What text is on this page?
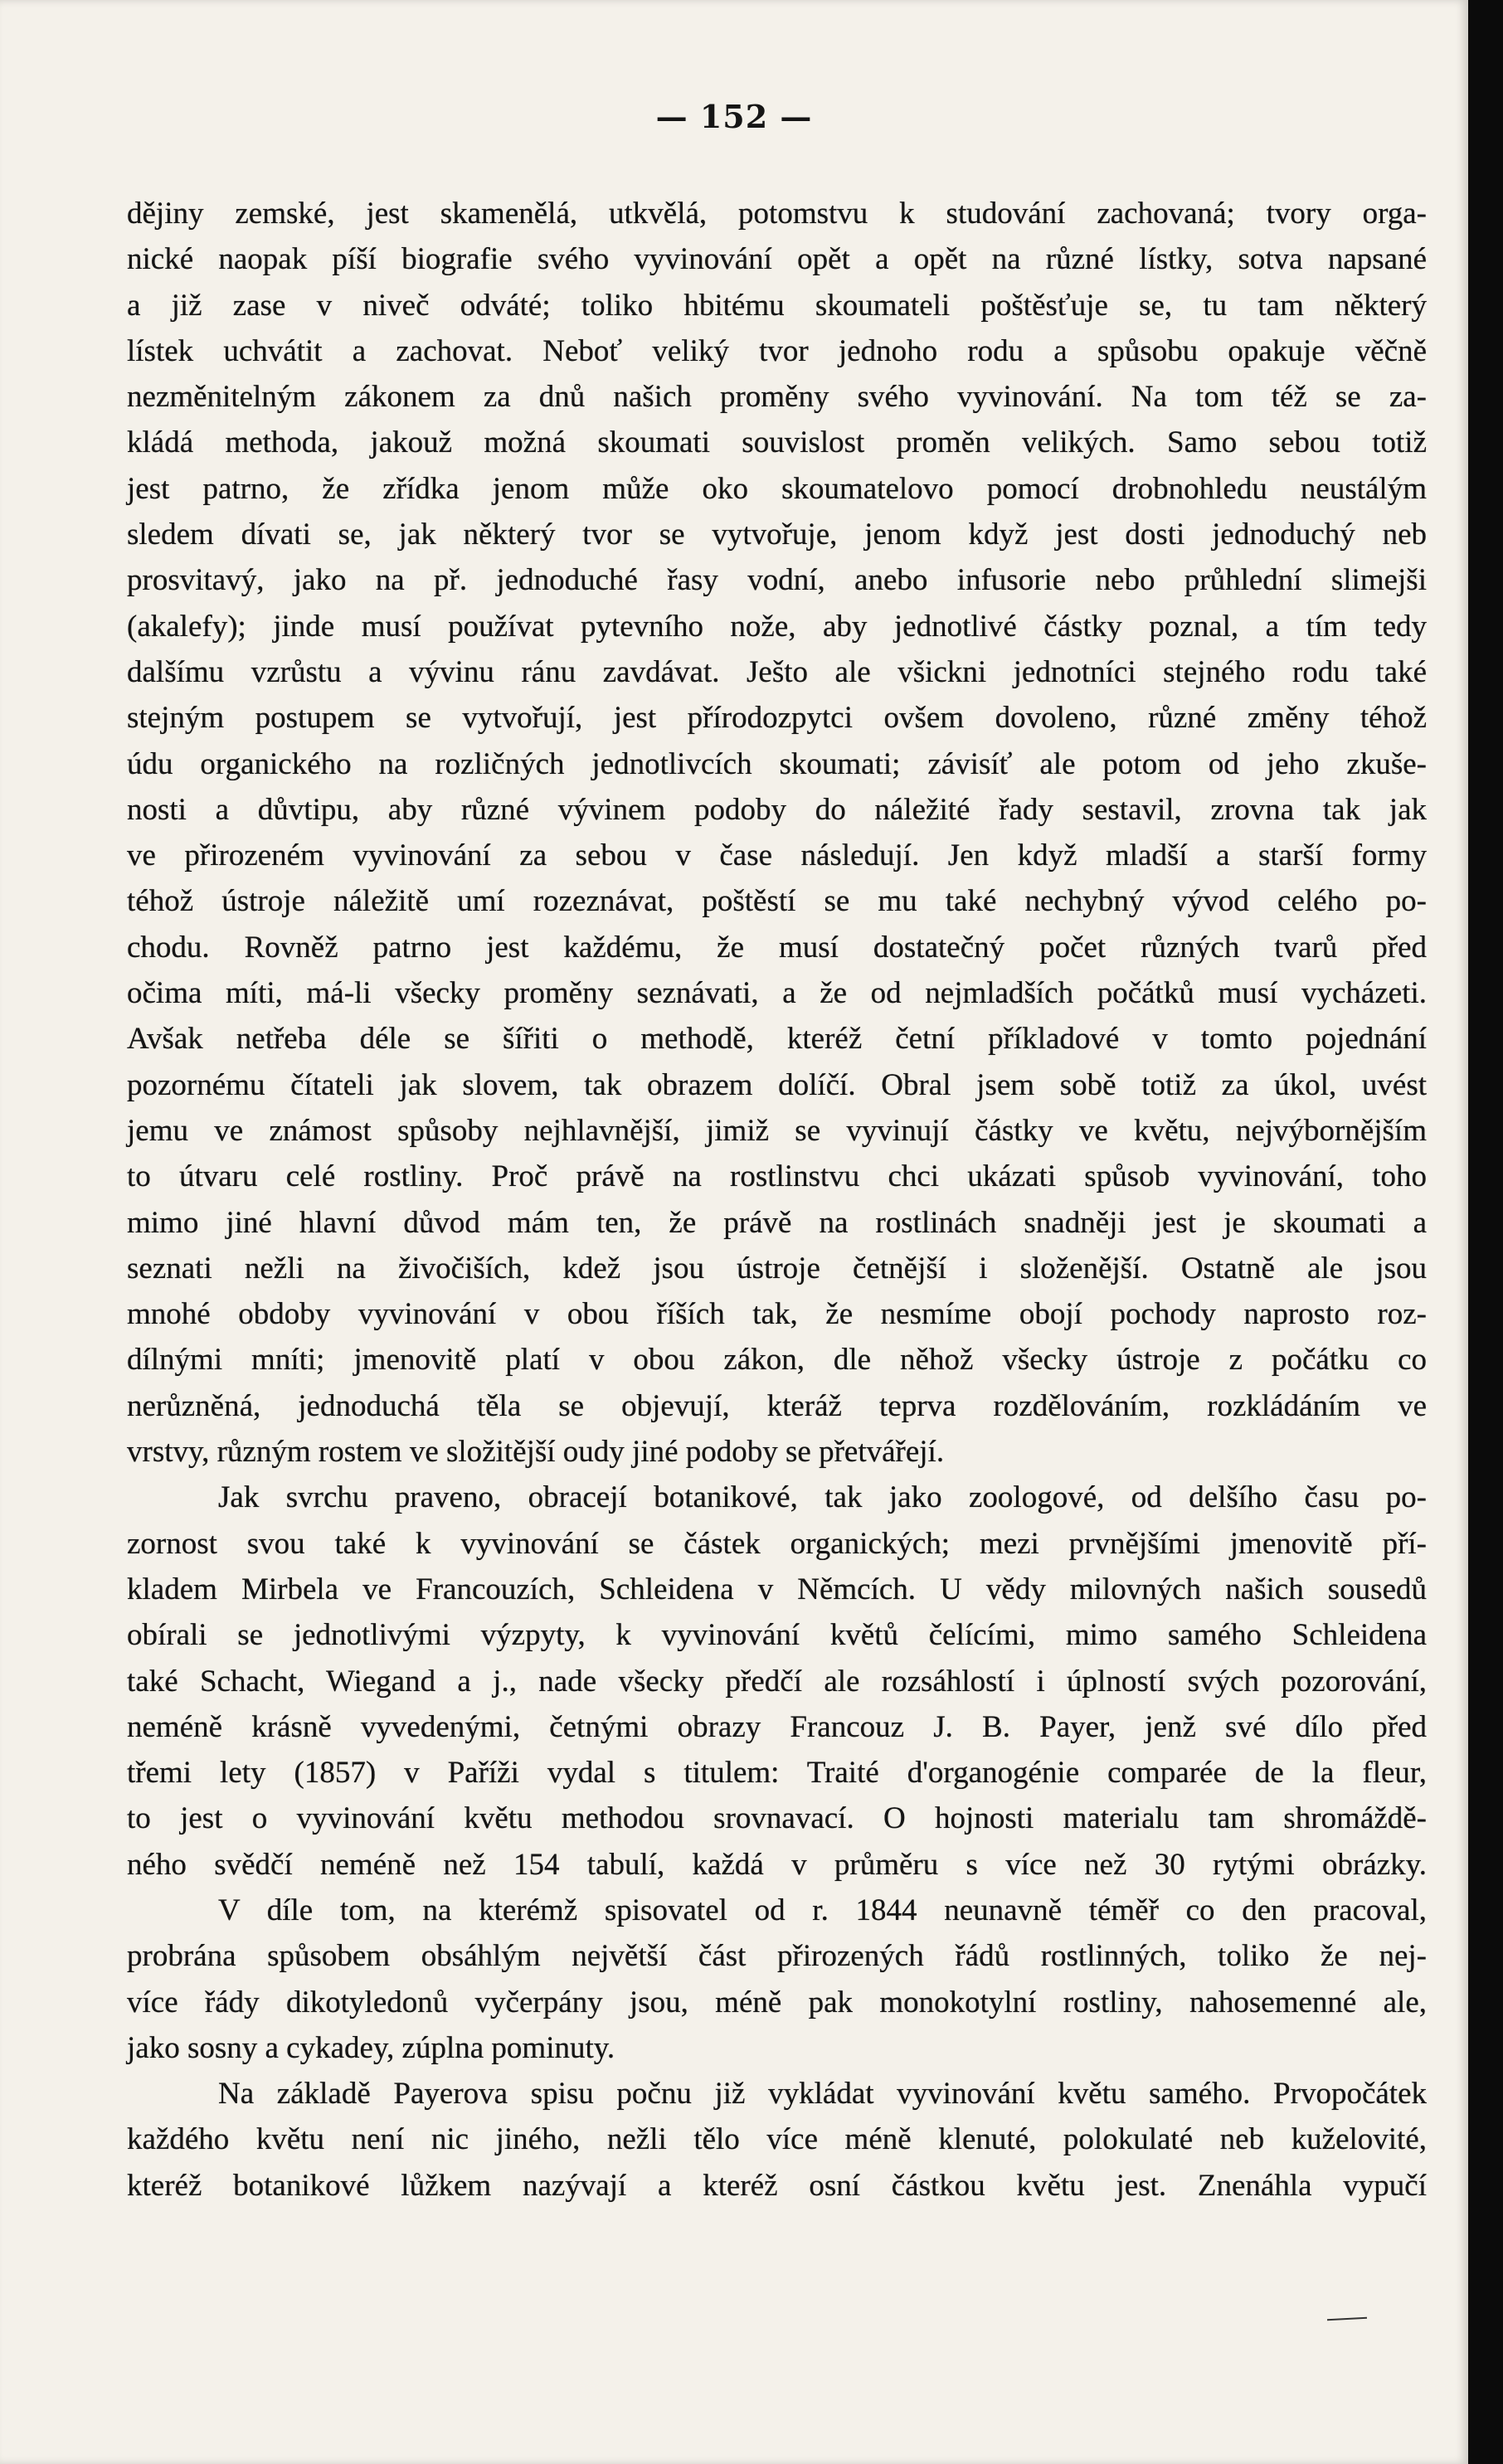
— 152 —
dějiny zemské, jest skamenělá, utkvělá, potomstvu k studování zachovaná; tvory orga-
nické naopak píší biografie svého vyvinování opět a opět na různé lístky, sotva napsané
a již zase v niveč odváté; toliko hbitému skoumateli poštěsťuje se, tu tam některý
lístek uchvátit a zachovat. Neboť veliký tvor jednoho rodu a spůsobu opakuje věčně
nezměnitelným zákonem za dnů našich proměny svého vyvinování. Na tom též se za-
kládá methoda, jakouž možná skoumati souvislost proměn velikých. Samo sebou totiž
jest patrno, že zřídka jenom může oko skoumatelovo pomocí drobnohledu neustálým
sledem dívati se, jak některý tvor se vytvořuje, jenom když jest dosti jednoduchý neb
prosvitavý, jako na př. jednoduché řasy vodní, anebo infusorie nebo průhlední slimejši
(akalefy); jinde musí používat pytevního nože, aby jednotlivé částky poznal, a tím tedy
dalšímu vzrůstu a vývinu ránu zavdávat. Ješto ale všickni jednotníci stejného rodu také
stejným postupem se vytvořují, jest přírodozpytci ovšem dovoleno, různé změny téhož
údu organického na rozličných jednotlivcích skoumati; závisíť ale potom od jeho zkuše-
nosti a důvtipu, aby různé vývinem podoby do náležité řady sestavil, zrovna tak jak
ve přirozeném vyvinování za sebou v čase následují. Jen když mladší a starší formy
téhož ústroje náležitě umí rozeznávat, poštěstí se mu také nechybný vývod celého po-
chodu. Rovněž patrno jest každému, že musí dostatečný počet různých tvarů před
očima míti, má-li všecky proměny seznávati, a že od nejmladších počátků musí vycházeti.
Avšak netřeba déle se šířiti o methodě, kteréž četní příkladové v tomto pojednání
pozornému čítateli jak slovem, tak obrazem dolíčí. Obral jsem sobě totiž za úkol, uvést
jemu ve známost spůsoby nejhlavnější, jimiž se vyvinují částky ve květu, nejvýbornějším
to útvaru celé rostliny. Proč právě na rostlinstvu chci ukázati spůsob vyvinování, toho
mimo jiné hlavní důvod mám ten, že právě na rostlinách snadněji jest je skoumati a
seznati nežli na živočiších, kdež jsou ústroje četnější i složenější. Ostatně ale jsou
mnohé obdoby vyvinování v obou říších tak, že nesmíme obojí pochody naprosto roz-
dílnými mníti; jmenovitě platí v obou zákon, dle něhož všecky ústroje z počátku co
nerůzněná, jednoduchá těla se objevují, kteráž teprva rozdělováním, rozkládáním ve
vrstvy, různým rostem ve složitější oudy jiné podoby se přetvářejí.
Jak svrchu praveno, obracejí botanikové, tak jako zoologové, od delšího času po-
zornost svou také k vyvinování se částek organických; mezi prvnějšími jmenovitě pří-
kladem Mirbela ve Francouzích, Schleidena v Němcích. U vědy milovných našich sousedů
obírali se jednotlivými výzpyty, k vyvinování květů čelícími, mimo samého Schleidena
také Schacht, Wiegand a j., nade všecky předčí ale rozsáhlostí i úplností svých pozorování,
neméně krásně vyvedenými, četnými obrazy Francouz J. B. Payer, jenž své dílo před
třemi lety (1857) v Paříži vydal s titulem: Traité d'organogénie comparée de la fleur,
to jest o vyvinování květu methodou srovnavací. O hojnosti materialu tam shromáždě-
ného svědčí neméně než 154 tabulí, každá v průměru s více než 30 rytými obrázky.
V díle tom, na kterémž spisovatel od r. 1844 neunavně téměř co den pracoval,
probrána spůsobem obsáhlým největší část přirozených řádů rostlinných, toliko že nej-
více řády dikotyledonů vyčerpány jsou, méně pak monokotylní rostliny, nahosemenné ale,
jako sosny a cykadey, zúplna pominuty.
Na základě Payerova spisu počnu již vykládat vyvinování květu samého. Prvopočátek
každého květu není nic jiného, nežli tělo více méně klenuté, polokulaté neb kuželovité,
kteréž botanikové lůžkem nazývají a kteréž osní částkou květu jest. Znenáhla vypučí
